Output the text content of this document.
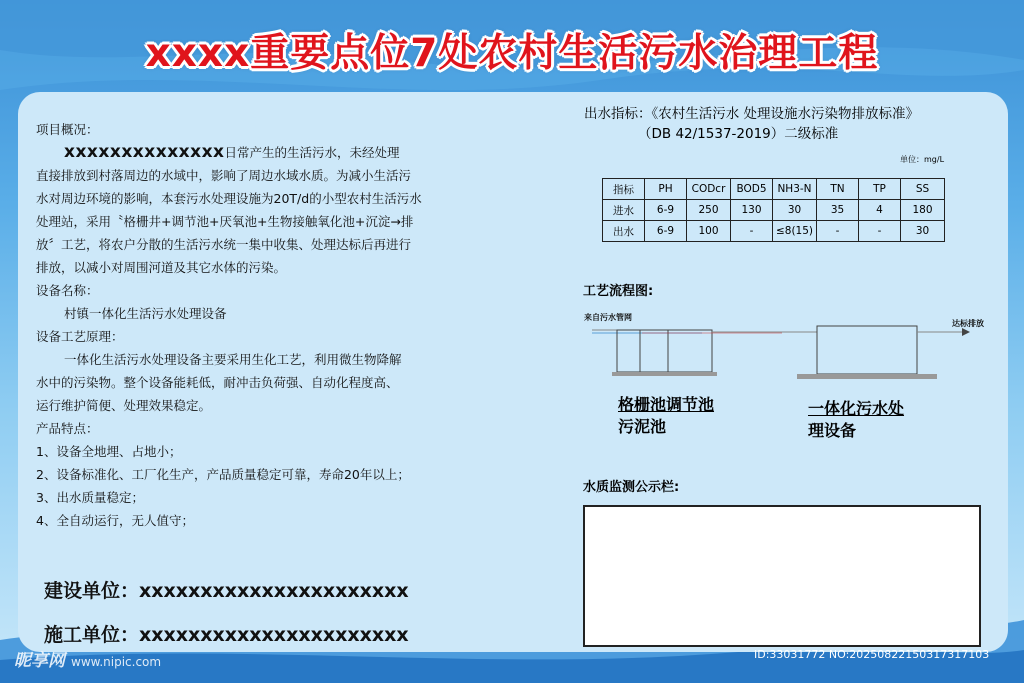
xxxx重要点位7处农村生活污水治理工程
项目概况：
xxxxxxxxxxxxxx日常产生的生活污水，未经处理
直接排放到村落周边的水域中，影响了周边水域水质。为减小生活污
水对周边环境的影响，本套污水处理设施为20T/d的小型农村生活污水
处理站，采用〝格栅井+调节池+厌氧池+生物接触氧化池+沉淀→排
放〞工艺，将农户分散的生活污水统一集中收集、处理达标后再进行
排放，以减小对周围河道及其它水体的污染。
设备名称：
村镇一体化生活污水处理设备
设备工艺原理：
一体化生活污水处理设备主要采用生化工艺，利用微生物降解
水中的污染物。整个设备能耗低，耐冲击负荷强、自动化程度高、
运行维护简便、处理效果稳定。
产品特点：
1、设备全地埋、占地小；
2、设备标准化、工厂化生产，产品质量稳定可靠，寿命20年以上；
3、出水质量稳定；
4、全自动运行，无人值守；
建设单位：xxxxxxxxxxxxxxxxxxxxxx
施工单位：xxxxxxxxxxxxxxxxxxxxxx
出水指标：《农村生活污水 处理设施水污染物排放标准》
（DB 42/1537-2019）二级标准
单位：mg/L
指标	PH	CODcr	BOD5	NH3-N	TN	TP	SS
进水	6-9	250	130	30	35	4	180
出水	6-9	100	-	≤8(15)	-	-	30
工艺流程图:
来自污水管网
达标排放
格栅池调节池
污泥池
一体化污水处
理设备
水质监测公示栏:
昵享网 www.nipic.com
ID:33031772 NO:20250822150317317103
